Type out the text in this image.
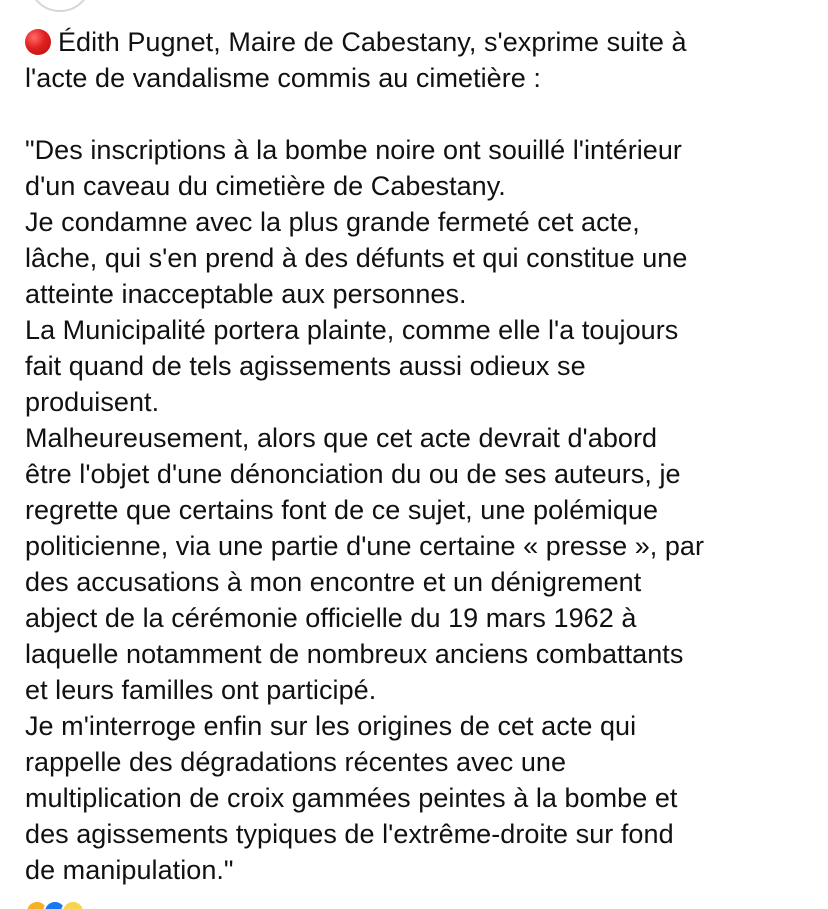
Édith Pugnet, Maire de Cabestany, s'exprime suite à
l'acte de vandalisme commis au cimetière :
"Des inscriptions à la bombe noire ont souillé l'intérieur
d'un caveau du cimetière de Cabestany.
Je condamne avec la plus grande fermeté cet acte,
lâche, qui s'en prend à des défunts et qui constitue une
atteinte inacceptable aux personnes.
La Municipalité portera plainte, comme elle l'a toujours
fait quand de tels agissements aussi odieux se
produisent.
Malheureusement, alors que cet acte devrait d'abord
être l'objet d'une dénonciation du ou de ses auteurs, je
regrette que certains font de ce sujet, une polémique
politicienne, via une partie d'une certaine « presse », par
des accusations à mon encontre et un dénigrement
abject de la cérémonie officielle du 19 mars 1962 à
laquelle notamment de nombreux anciens combattants
et leurs familles ont participé.
Je m'interroge enfin sur les origines de cet acte qui
rappelle des dégradations récentes avec une
multiplication de croix gammées peintes à la bombe et
des agissements typiques de l'extrême-droite sur fond
de manipulation."
